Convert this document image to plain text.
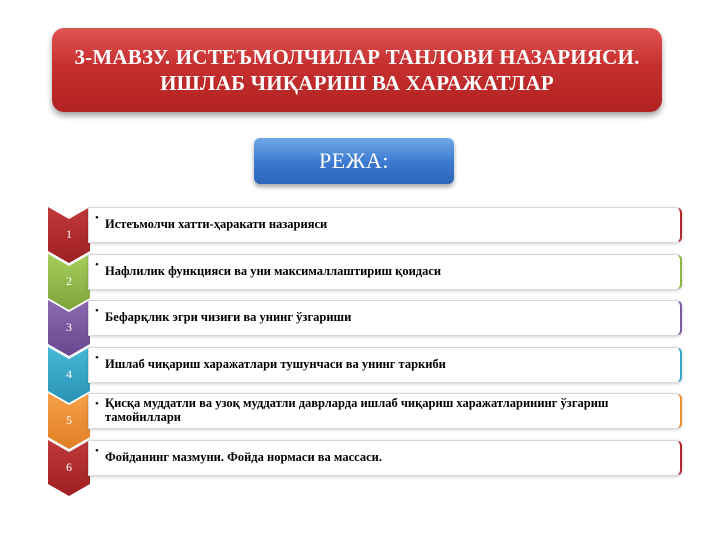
3-МАВЗУ. ИСТЕЪМОЛЧИЛАР ТАНЛОВИ НАЗАРИЯСИ. ИШЛАБ ЧИҚАРИШ ВА ХАРАЖАТЛАР
РЕЖА:
1
• Истеъмолчи хатти-ҳаракати назарияси
2
• Нафлилик функцияси ва уни максималлаштириш қоидаси
3
• Бефарқлик эгри чизиғи ва унинг ўзгариши
4
• Ишлаб чиқариш харажатлари тушунчаси ва унинг таркиби
5
• Қисқа муддатли ва узоқ муддатли даврларда ишлаб чиқариш харажатларининг ўзгариш тамойиллари
6
• Фойданинг мазмуни. Фойда нормаси ва массаси.
